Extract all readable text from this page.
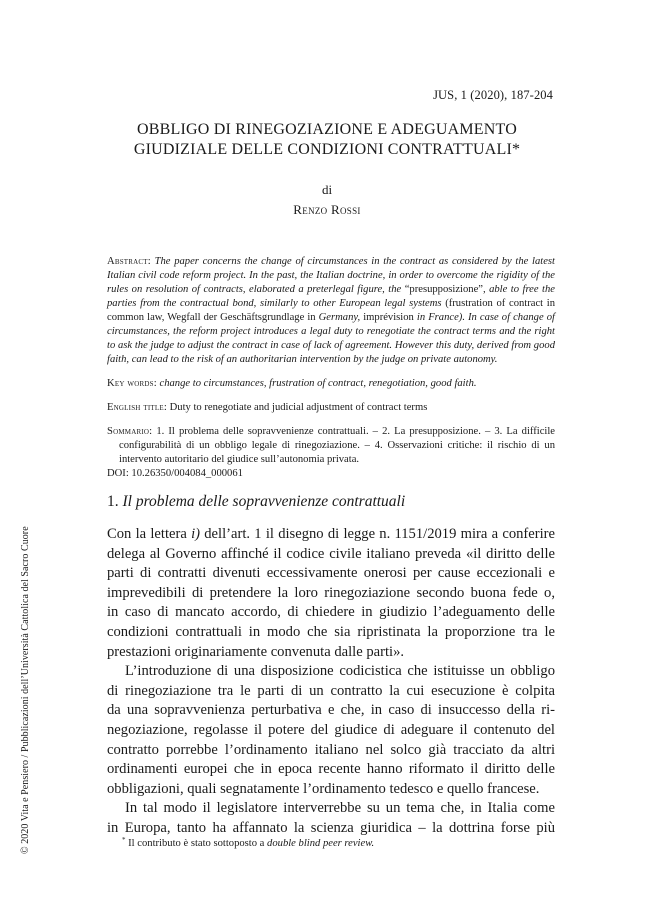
JUS, 1 (2020), 187-204
OBBLIGO DI RINEGOZIAZIONE E ADEGUAMENTO
GIUDIZIALE DELLE CONDIZIONI CONTRATTUALI*
di
Renzo Rossi
Abstract: The paper concerns the change of circumstances in the contract as considered by the latest Italian civil code reform project. In the past, the Italian doctrine, in order to overcome the rigidity of the rules on resolution of contracts, elaborated a preterlegal figure, the “presupposizione”, able to free the parties from the contractual bond, similarly to other European legal systems (frustration of contract in common law, Wegfall der Geschäftsgrundlage in Germany, imprévision in France). In case of change of circumstances, the reform project introduces a legal duty to renegotiate the contract terms and the right to ask the judge to adjust the contract in case of lack of agreement. However this duty, derived from good faith, can lead to the risk of an authoritarian intervention by the judge on private autonomy.
Key words: change to circumstances, frustration of contract, renegotiation, good faith.
English title: Duty to renegotiate and judicial adjustment of contract terms
Sommario: 1. Il problema delle sopravvenienze contrattuali. – 2. La presupposizione. – 3. La difficile configurabilità di un obbligo legale di rinegoziazione. – 4. Osservazioni critiche: il rischio di un intervento autoritario del giudice sull’autonomia privata.
DOI: 10.26350/004084_000061
1. Il problema delle sopravvenienze contrattuali

Con la lettera i) dell’art. 1 il disegno di legge n. 1151/2019 mira a conferire
delega al Governo affinché il codice civile italiano preveda «il diritto delle
parti di contratti divenuti eccessivamente onerosi per cause eccezionali e
imprevedibili di pretendere la loro rinegoziazione secondo buona fede o,
in caso di mancato accordo, di chiedere in giudizio l’adeguamento delle
condizioni contrattuali in modo che sia ripristinata la proporzione tra le
prestazioni originariamente convenuta dalle parti».

L’introduzione di una disposizione codicistica che istituisse un obbligo
di rinegoziazione tra le parti di un contratto la cui esecuzione è colpita
da una sopravvenienza perturbativa e che, in caso di insuccesso della ri-
negoziazione, regolasse il potere del giudice di adeguare il contenuto del
contratto porrebbe l’ordinamento italiano nel solco già tracciato da altri
ordinamenti europei che in epoca recente hanno riformato il diritto delle
obbligazioni, quali segnatamente l’ordinamento tedesco e quello francese.

In tal modo il legislatore interverrebbe su un tema che, in Italia come
in Europa, tanto ha affannato la scienza giuridica – la dottrina forse più

* Il contributo è stato sottoposto a double blind peer review.
© 2020 Vita e Pensiero / Pubblicazioni dell’Università Cattolica del Sacro Cuore
